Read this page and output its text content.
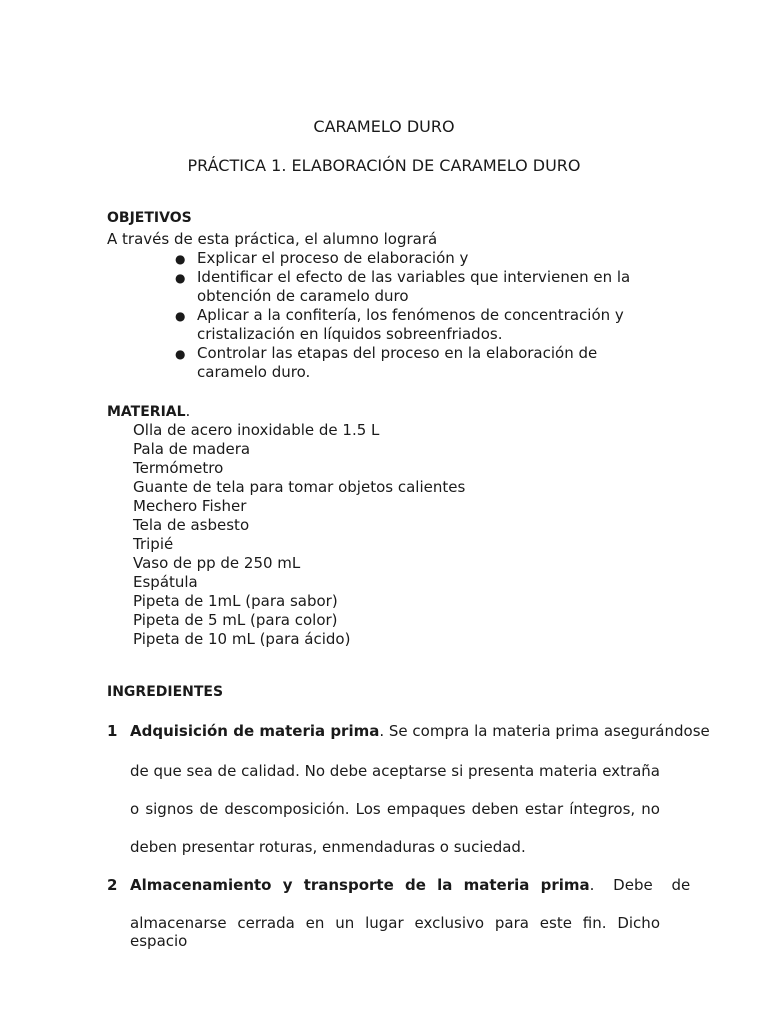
CARAMELO DURO
PRÁCTICA 1. ELABORACIÓN DE CARAMELO DURO
OBJETIVOS
A través de esta práctica, el alumno logrará
● Explicar el proceso de elaboración y
● Identificar el efecto de las variables que intervienen en la
obtención de caramelo duro
● Aplicar a la confitería, los fenómenos de concentración y
cristalización en líquidos sobreenfriados.
● Controlar las etapas del proceso en la elaboración de
caramelo duro.
MATERIAL.
Olla de acero inoxidable de 1.5 L
Pala de madera
Termómetro
Guante de tela para tomar objetos calientes
Mechero Fisher
Tela de asbesto
Tripié
Vaso de pp de 250 mL
Espátula
Pipeta de 1mL (para sabor)
Pipeta de 5 mL (para color)
Pipeta de 10 mL (para ácido)
INGREDIENTES
1 Adquisición de materia prima. Se compra la materia prima asegurándose
de que sea de calidad. No debe aceptarse si presenta materia extraña
o signos de descomposición. Los empaques deben estar íntegros, no
deben presentar roturas, enmendaduras o suciedad.
2 Almacenamiento y transporte de la materia prima . Debe de
almacenarse cerrada en un lugar exclusivo para este fin. Dicho espacio
